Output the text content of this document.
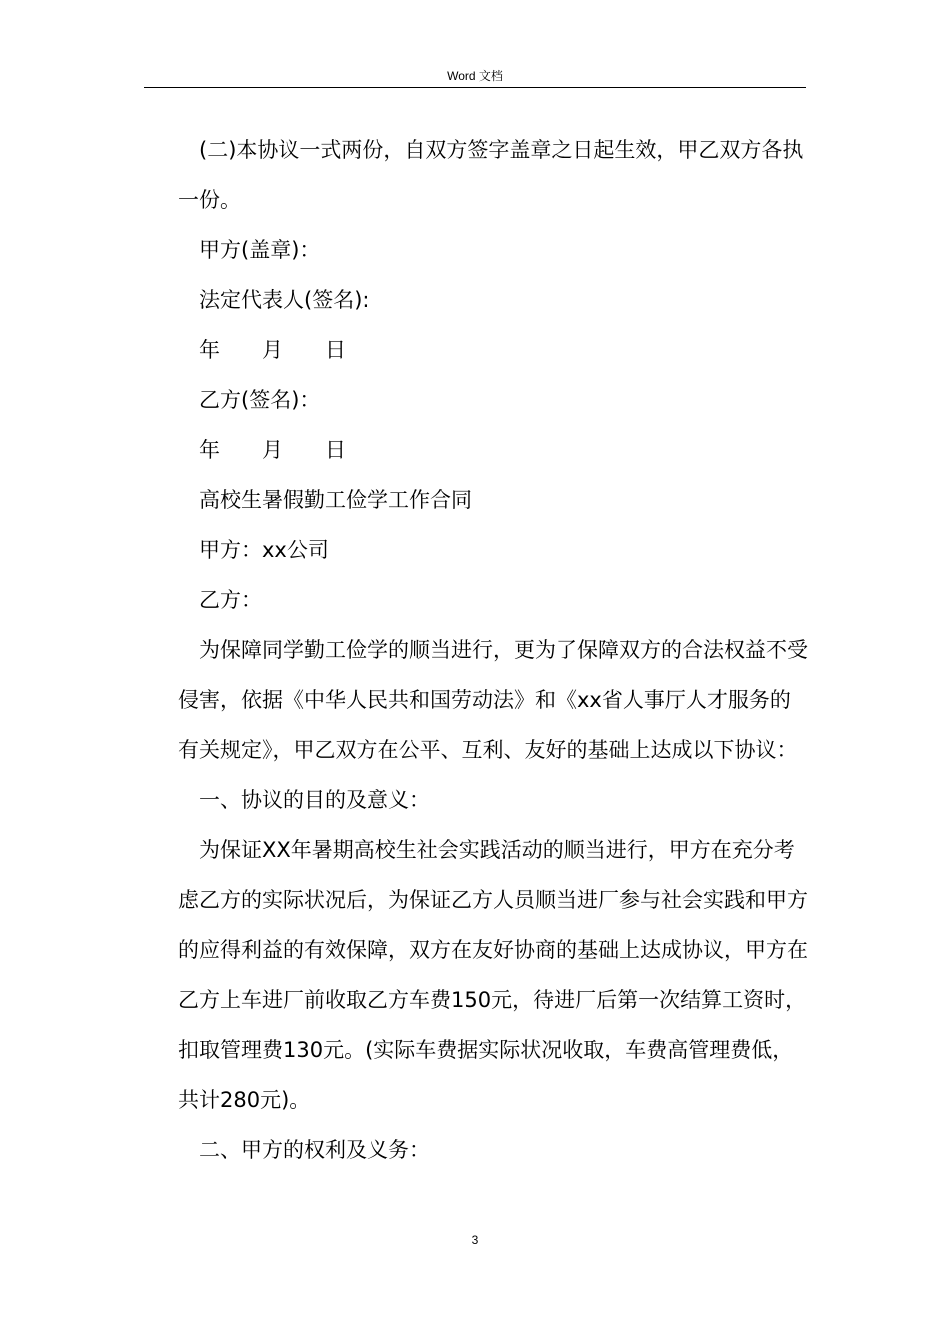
Word 文档

(二)本协议一式两份，自双方签字盖章之日起生效，甲乙双方各执一份。

甲方(盖章)：

法定代表人(签名):

年　　月　　日

乙方(签名)：

年　　月　　日

高校生暑假勤工俭学工作合同

甲方：xx公司

乙方：

为保障同学勤工俭学的顺当进行，更为了保障双方的合法权益不受侵害，依据《中华人民共和国劳动法》和《xx省人事厅人才服务的有关规定》，甲乙双方在公平、互利、友好的基础上达成以下协议：

一、协议的目的及意义：

为保证XX年暑期高校生社会实践活动的顺当进行，甲方在充分考虑乙方的实际状况后，为保证乙方人员顺当进厂参与社会实践和甲方的应得利益的有效保障，双方在友好协商的基础上达成协议，甲方在乙方上车进厂前收取乙方车费150元，待进厂后第一次结算工资时，扣取管理费130元。(实际车费据实际状况收取，车费高管理费低，共计280元)。

二、甲方的权利及义务：

3
